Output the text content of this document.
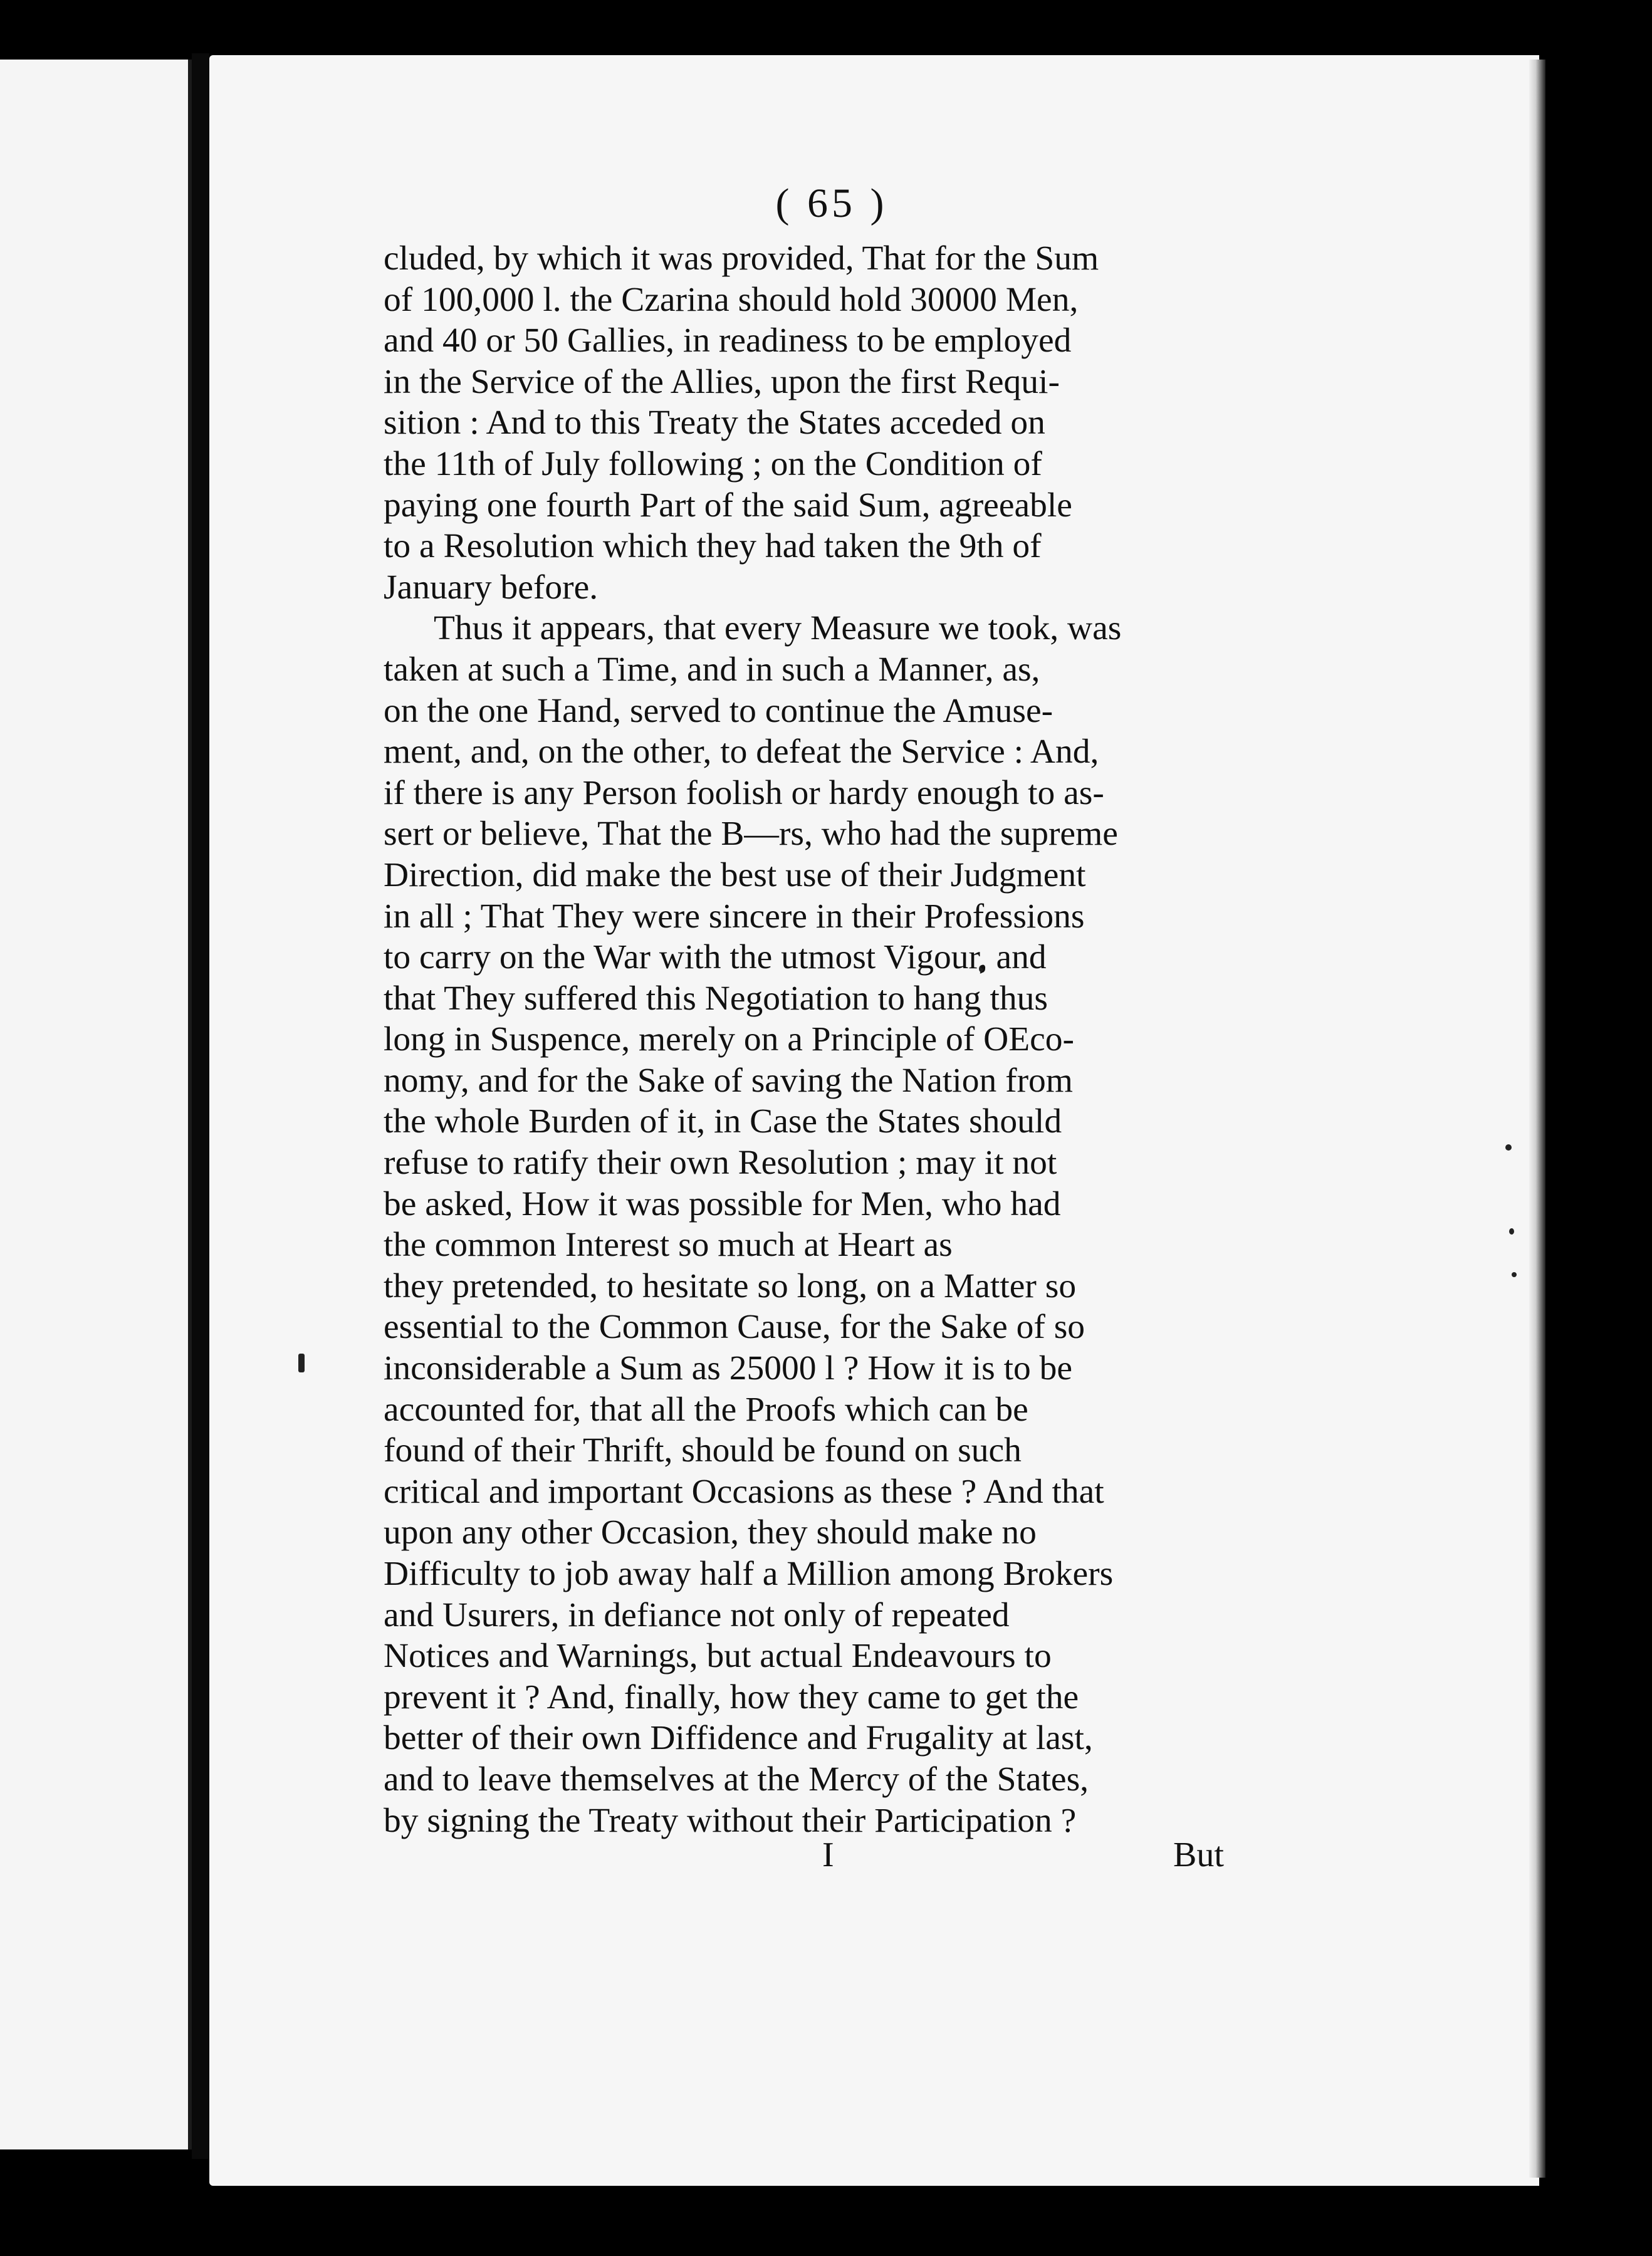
( 65 )
cluded, by which it was provided, That for the Sum
of 100,000 l. the Czarina should hold 30000 Men,
and 40 or 50 Gallies, in readiness to be employed
in the Service of the Allies, upon the first Requi-
sition : And to this Treaty the States acceded on
the 11th of July following ; on the Condition of
paying one fourth Part of the said Sum, agreeable
to a Resolution which they had taken the 9th of
January before.
Thus it appears, that every Measure we took, was
taken at such a Time, and in such a Manner, as,
on the one Hand, served to continue the Amuse-
ment, and, on the other, to defeat the Service : And,
if there is any Person foolish or hardy enough to as-
sert or believe, That the B—rs, who had the supreme
Direction, did make the best use of their Judgment
in all ; That They were sincere in their Professions
to carry on the War with the utmost Vigour, and
that They suffered this Negotiation to hang thus
long in Suspence, merely on a Principle of OEco-
nomy, and for the Sake of saving the Nation from
the whole Burden of it, in Case the States should
refuse to ratify their own Resolution ; may it not
be asked, How it was possible for Men, who had
the common Interest so much at Heart as
they pretended, to hesitate so long, on a Matter so
essential to the Common Cause, for the Sake of so
inconsiderable a Sum as 25000 l ? How it is to be
accounted for, that all the Proofs which can be
found of their Thrift, should be found on such
critical and important Occasions as these ? And that
upon any other Occasion, they should make no
Difficulty to job away half a Million among Brokers
and Usurers, in defiance not only of repeated
Notices and Warnings, but actual Endeavours to
prevent it ? And, finally, how they came to get the
better of their own Diffidence and Frugality at last,
and to leave themselves at the Mercy of the States,
by signing the Treaty without their Participation ?
I	But
